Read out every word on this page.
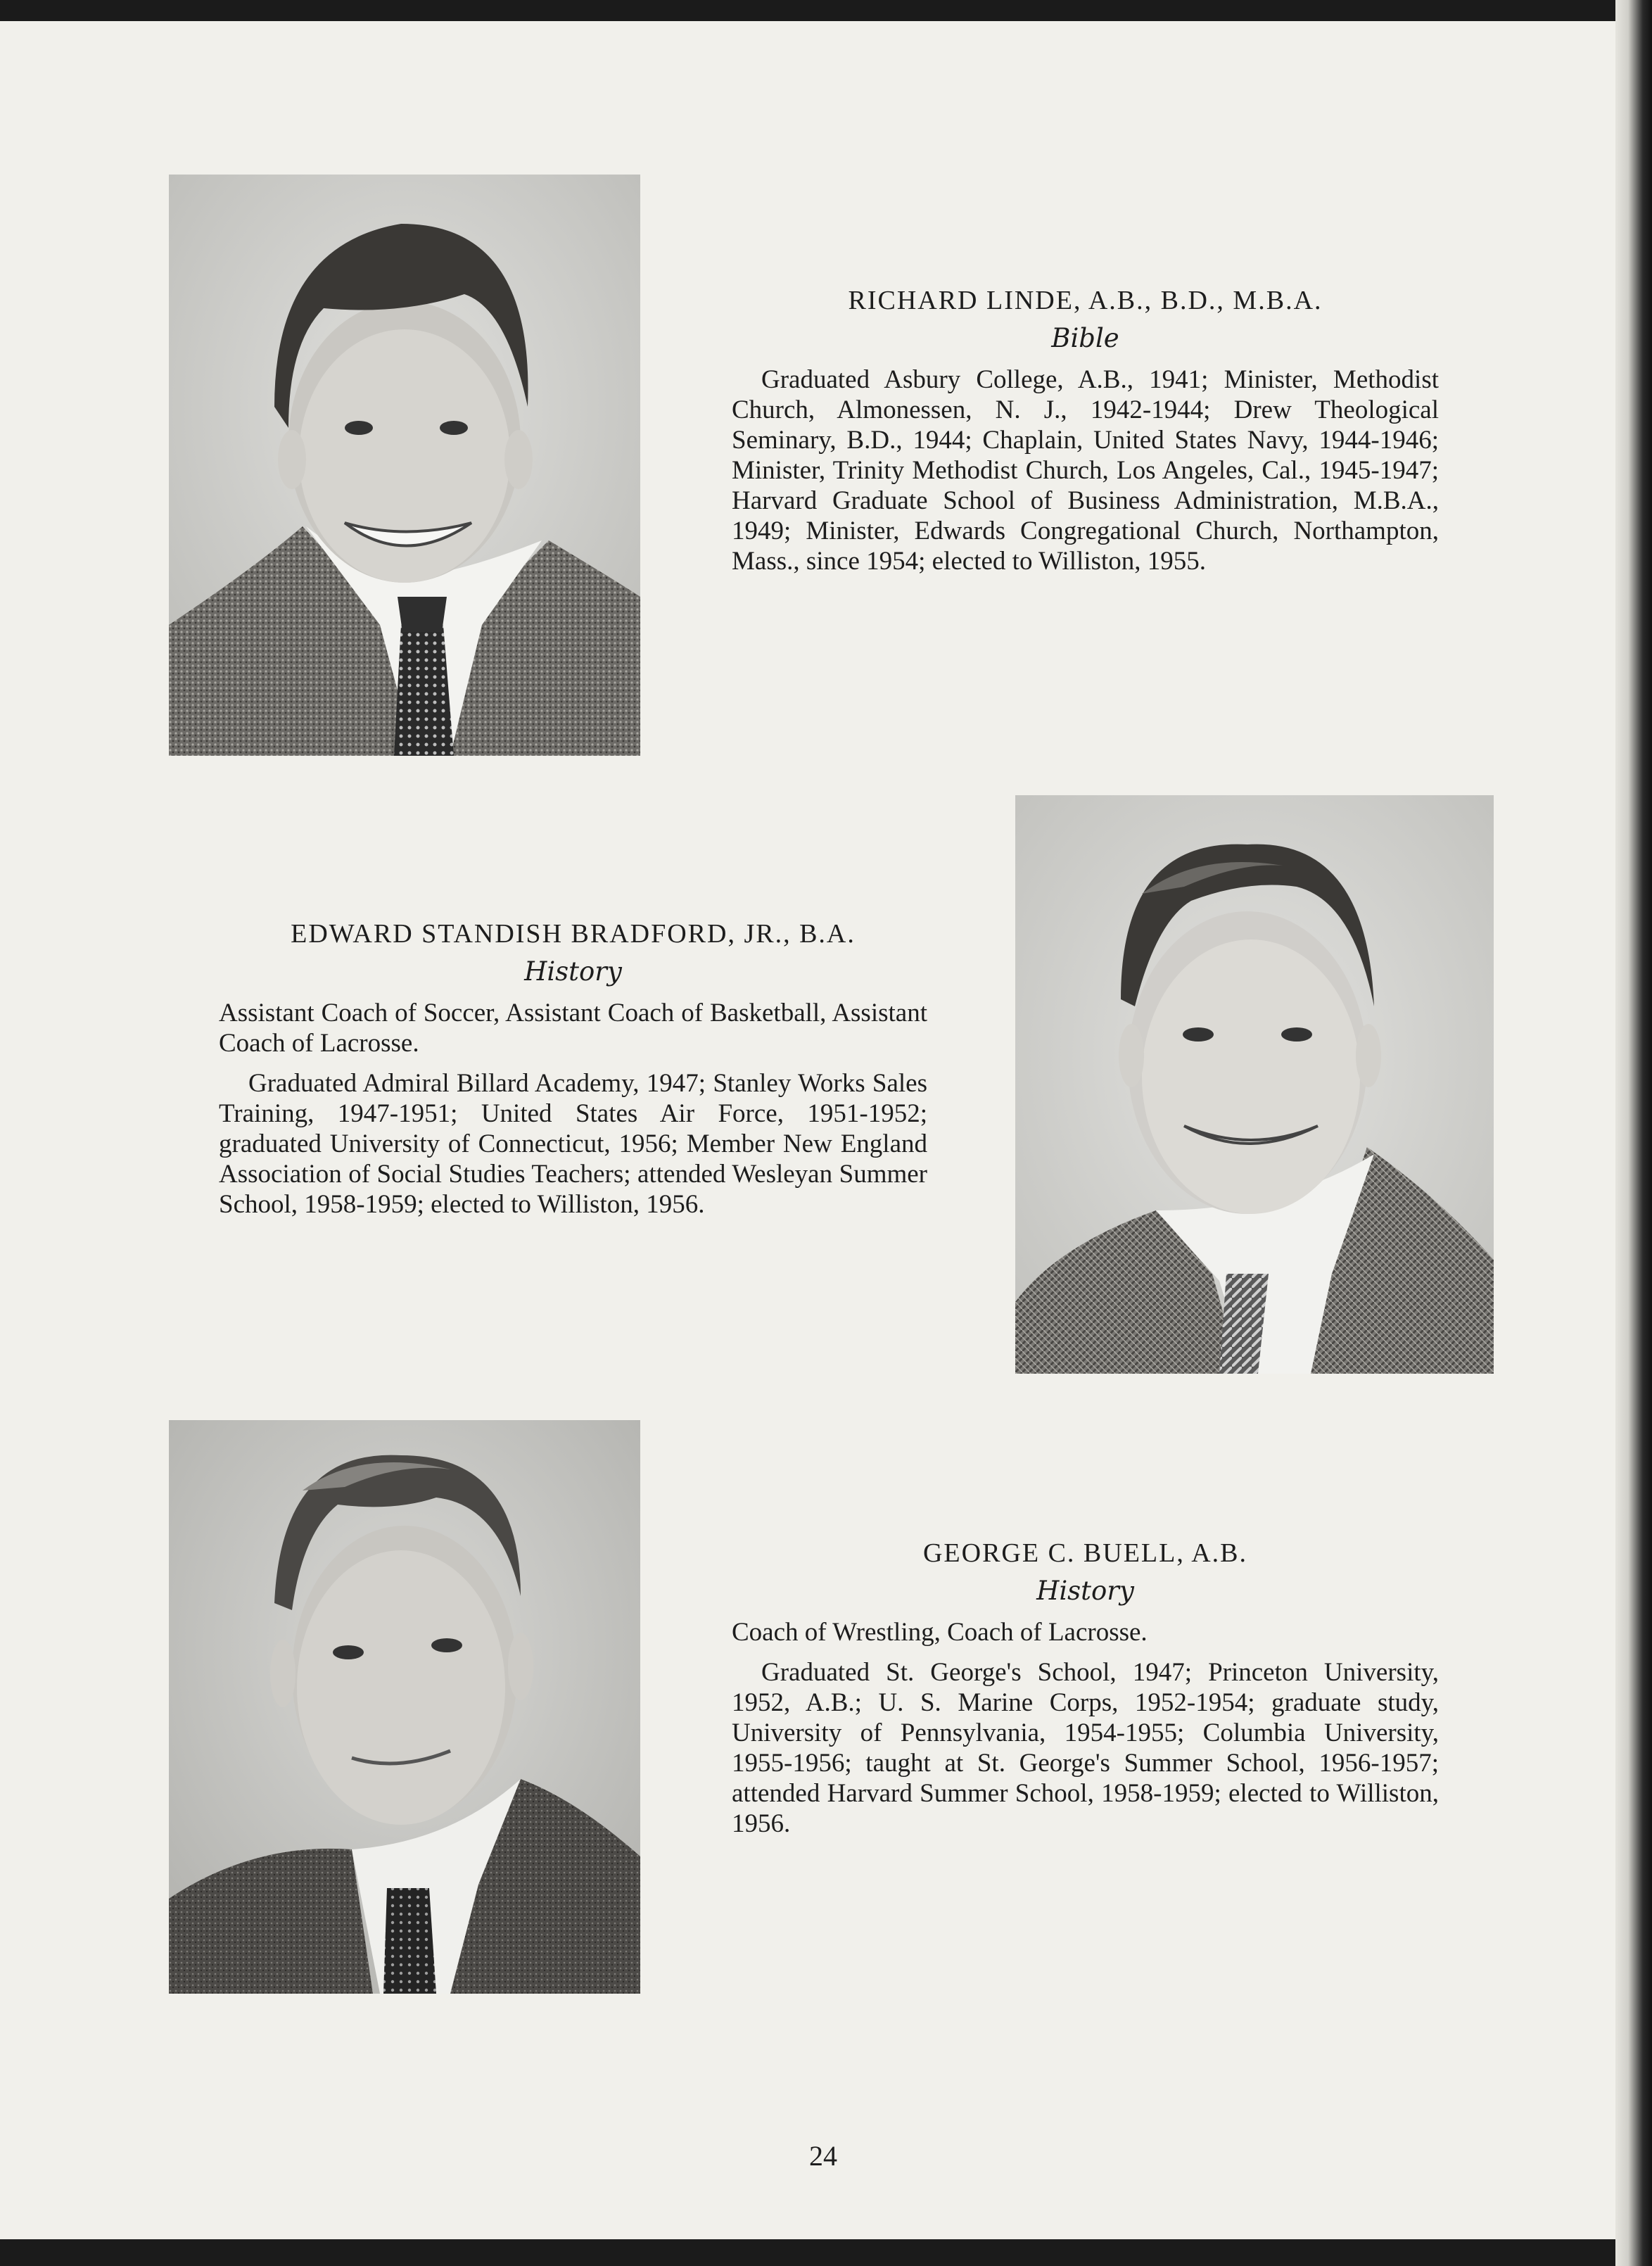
RICHARD LINDE, A.B., B.D., M.B.A.

Bible

Graduated Asbury College, A.B., 1941; Minister, Methodist Church, Almonessen, N. J., 1942-1944; Drew Theological Seminary, B.D., 1944; Chaplain, United States Navy, 1944-1946; Minister, Trinity Methodist Church, Los Angeles, Cal., 1945-1947; Harvard Graduate School of Business Administration, M.B.A., 1949; Minister, Edwards Congregational Church, Northampton, Mass., since 1954; elected to Williston, 1955.

EDWARD STANDISH BRADFORD, JR., B.A.

History

Assistant Coach of Soccer, Assistant Coach of Basketball, Assistant Coach of Lacrosse.

Graduated Admiral Billard Academy, 1947; Stanley Works Sales Training, 1947-1951; United States Air Force, 1951-1952; graduated University of Connecticut, 1956; Member New England Association of Social Studies Teachers; attended Wesleyan Summer School, 1958-1959; elected to Williston, 1956.

GEORGE C. BUELL, A.B.

History

Coach of Wrestling, Coach of Lacrosse.

Graduated St. George's School, 1947; Princeton University, 1952, A.B.; U. S. Marine Corps, 1952-1954; graduate study, University of Pennsylvania, 1954-1955; Columbia University, 1955-1956; taught at St. George's Summer School, 1956-1957; attended Harvard Summer School, 1958-1959; elected to Williston, 1956.

24
